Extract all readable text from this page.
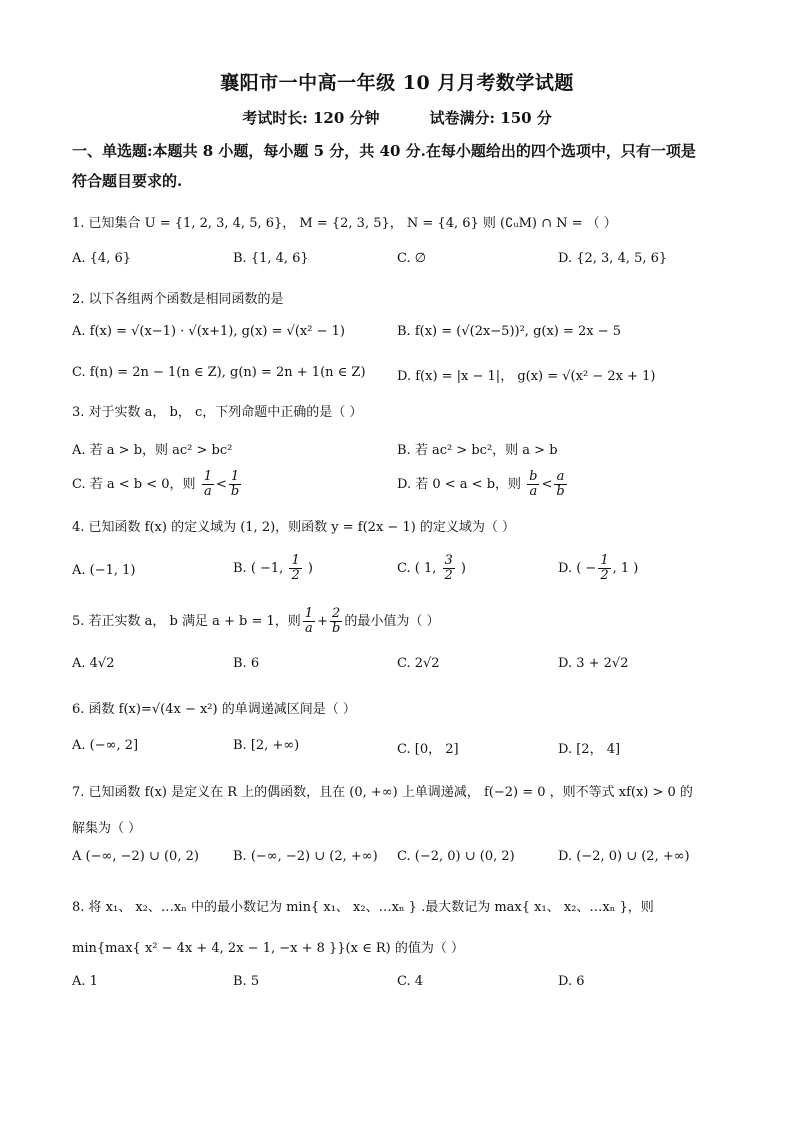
襄阳市一中高一年级 10 月月考数学试题
考试时长: 120 分钟	试卷满分: 150 分
一、单选题:本题共 8 小题，每小题 5 分，共 40 分.在每小题给出的四个选项中，只有一项是
符合题目要求的.
1. 已知集合 U = {1, 2, 3, 4, 5, 6}， M = {2, 3, 5}， N = {4, 6} 则 (∁ᵤM) ∩ N = （ ）
A. {4, 6}	B. {1, 4, 6}	C. ∅	D. {2, 3, 4, 5, 6}
2. 以下各组两个函数是相同函数的是
A. f(x) = √(x−1) · √(x+1), g(x) = √(x² − 1)	B. f(x) = (√(2x−5))², g(x) = 2x − 5
C. f(n) = 2n − 1(n ∈ Z), g(n) = 2n + 1(n ∈ Z) D. f(x) = |x − 1|， g(x) = √(x² − 2x + 1)
3. 对于实数 a， b， c，下列命题中正确的是（ ）
A. 若 a > b，则 ac² > bc²	B. 若 ac² > bc²，则 a > b
C. 若 a < b < 0，则 $\frac{1}{a} < \frac{1}{b}$	D. 若 0 < a < b，则 $\frac{b}{a} < \frac{a}{b}$
4. 已知函数 f(x) 的定义域为 (1, 2)，则函数 y = f(2x − 1) 的定义域为（ ）
A. (−1, 1)	B. ( −1, $\frac{1}{2}$ )	C. ( 1, $\frac{3}{2}$ )	D. ( − $\frac{1}{2}$ , 1 )
5. 若正实数 a， b 满足 a + b = 1，则 $\frac{1}{a} + \frac{2}{b}$ 的最小值为（ ）
A. 4√2	B. 6	C. 2√2	D. 3 + 2√2
6. 函数 f(x)=√(4x − x²) 的单调递减区间是（ ）
A. (−∞, 2]	B. [2, +∞)	C. [0， 2]	D. [2， 4]
7. 已知函数 f(x) 是定义在 R 上的偶函数，且在 (0, +∞) 上单调递减， f(−2) = 0 ，则不等式 xf(x) > 0 的
解集为（ ）
A (−∞, −2) ∪ (0, 2)	B. (−∞, −2) ∪ (2, +∞) C. (−2, 0) ∪ (0, 2)	D. (−2, 0) ∪ (2, +∞)
8. 将 x₁、 x₂、…xₙ 中的最小数记为 min{ x₁、 x₂、…xₙ } .最大数记为 max{ x₁、 x₂、…xₙ }，则
min{max{ x² − 4x + 4, 2x − 1, −x + 8 }}(x ∈ R) 的值为（ ）
A. 1	B. 5	C. 4	D. 6
